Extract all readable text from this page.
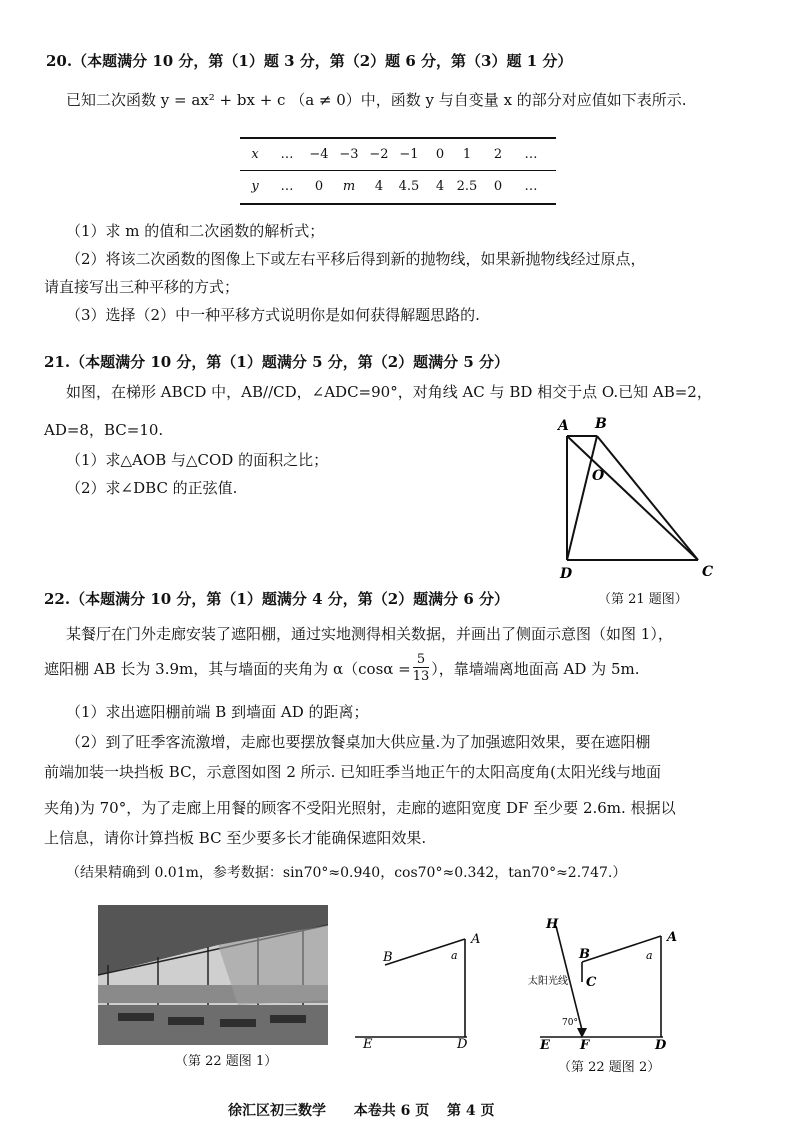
20.（本题满分 10 分，第（1）题 3 分，第（2）题 6 分，第（3）题 1 分）
已知二次函数 y = ax² + bx + c （a ≠ 0）中，函数 y 与自变量 x 的部分对应值如下表所示.
x	…	−4 −3 −2 −1	0	1	2	…
y	…	0	m	4	4.5	4 2.5	0	…
（1）求 m 的值和二次函数的解析式；
（2）将该二次函数的图像上下或左右平移后得到新的抛物线，如果新抛物线经过原点，
请直接写出三种平移的方式；
（3）选择（2）中一种平移方式说明你是如何获得解题思路的.
21.（本题满分 10 分，第（1）题满分 5 分，第（2）题满分 5 分）
如图，在梯形 ABCD 中，AB//CD，∠ADC=90°，对角线 AC 与 BD 相交于点 O.已知 AB=2，
AD=8，BC=10.
（1）求△AOB 与△COD 的面积之比；
（2）求∠DBC 的正弦值.
A B
O
D	C
（第 21 题图）
22.（本题满分 10 分，第（1）题满分 4 分，第（2）题满分 6 分）
某餐厅在门外走廊安装了遮阳棚，通过实地测得相关数据，并画出了侧面示意图（如图 1），
遮阳棚 AB 长为 3.9m，其与墙面的夹角为 $\alpha(\cos\alpha = \frac{5}{13}$ ），靠墙端离地面高 AD 为 5m.
（1）求出遮阳棚前端 B 到墙面 AD 的距离；
（2）到了旺季客流激增，走廊也要摆放餐桌加大供应量.为了加强遮阳效果，要在遮阳棚
前端加装一块挡板 BC，示意图如图 2 所示. 已知旺季当地正午的太阳高度角(太阳光线与地面
夹角)为 70°，为了走廊上用餐的顾客不受阳光照射，走廊的遮阳宽度 DF 至少要 2.6m. 根据以
上信息，请你计算挡板 BC 至少要多长才能确保遮阳效果.
（结果精确到 0.01m，参考数据：sin70°≈0.940，cos70°≈0.342，tan70°≈2.747.）
（第 22 题图 1）
B
A
a
E	D
H
B
A
a
C
太阳光线
70°
E F	D
（第 22 题图 2）
徐汇区初三数学 本卷共 6 页 第 4 页
